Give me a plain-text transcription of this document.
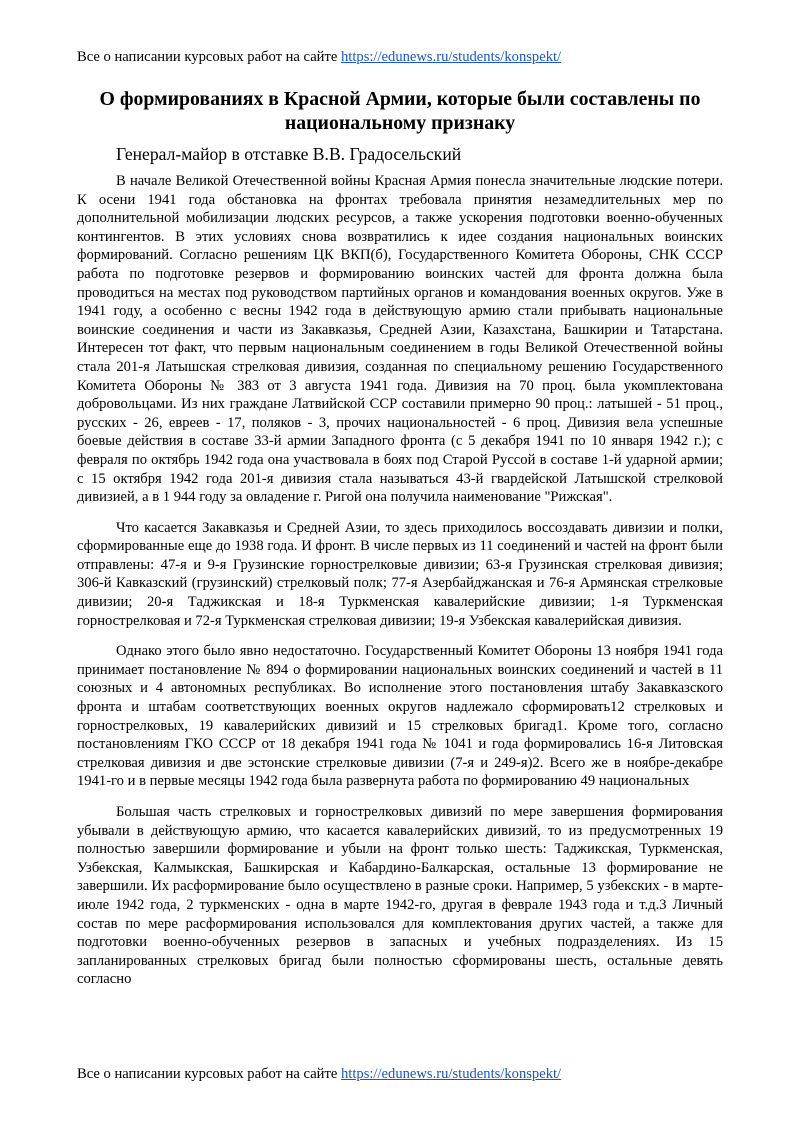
Все о написании курсовых работ на сайте https://edunews.ru/students/konspekt/
О формированиях в Красной Армии, которые были составлены по национальному признаку
Генерал-майор в отставке В.В. Градосельский

В начале Великой Отечественной войны Красная Армия понесла значительные людские потери. К осени 1941 года обстановка на фронтах требовала принятия незамедлительных мер по дополнительной мобилизации людских ресурсов, а также ускорения подготовки военно-обученных контингентов. В этих условиях снова возвратились к идее создания национальных воинских формирований. Согласно решениям ЦК ВКП(б), Государственного Комитета Обороны, СНК СССР работа по подготовке резервов и формированию воинских частей для фронта должна была проводиться на местах под руководством партийных органов и командования военных округов. Уже в 1941 году, а особенно с весны 1942 года в действующую армию стали прибывать национальные воинские соединения и части из Закавказья, Средней Азии, Казахстана, Башкирии и Татарстана. Интересен тот факт, что первым национальным соединением в годы Великой Отечественной войны стала 201-я Латышская стрелковая дивизия, созданная по специальному решению Государственного Комитета Обороны № 383 от 3 августа 1941 года. Дивизия на 70 проц. была укомплектована добровольцами. Из них граждане Латвийской ССР составили примерно 90 проц.: латышей - 51 проц., русских - 26, евреев - 17, поляков - 3, прочих национальностей - 6 проц. Дивизия вела успешные боевые действия в составе 33-й армии Западного фронта (с 5 декабря 1941 по 10 января 1942 г.); с февраля по октябрь 1942 года она участвовала в боях под Старой Руссой в составе 1-й ударной армии; с 15 октября 1942 года 201-я дивизия стала называться 43-й гвардейской Латышской стрелковой дивизией, а в 1 944 году за овладение г. Ригой она получила наименование "Рижская".

Что касается Закавказья и Средней Азии, то здесь приходилось воссоздавать дивизии и полки, сформированные еще до 1938 года. И фронт. В числе первых из 11 соединений и частей на фронт были отправлены: 47-я и 9-я Грузинские горнострелковые дивизии; 63-я Грузинская стрелковая дивизия; 306-й Кавказский (грузинский) стрелковый полк; 77-я Азербайджанская и 76-я Армянская стрелковые дивизии; 20-я Таджикская и 18-я Туркменская кавалерийские дивизии; 1-я Туркменская горнострелковая и 72-я Туркменская стрелковая дивизии; 19-я Узбекская кавалерийская дивизия.

Однако этого было явно недостаточно. Государственный Комитет Обороны 13 ноября 1941 года принимает постановление № 894 о формировании национальных воинских соединений и частей в 11 союзных и 4 автономных республиках. Во исполнение этого постановления штабу Закавказского фронта и штабам соответствующих военных округов надлежало сформировать12 стрелковых и горнострелковых, 19 кавалерийских дивизий и 15 стрелковых бригад1. Кроме того, согласно постановлениям ГКО СССР от 18 декабря 1941 года № 1041 и года формировались 16-я Литовская стрелковая дивизия и две эстонские стрелковые дивизии (7-я и 249-я)2. Всего же в ноябре-декабре 1941-го и в первые месяцы 1942 года была развернута работа по формированию 49 национальных

Большая часть стрелковых и горнострелковых дивизий по мере завершения формирования убывали в действующую армию, что касается кавалерийских дивизий, то из предусмотренных 19 полностью завершили формирование и убыли на фронт только шесть: Таджикская, Туркменская, Узбекская, Калмыкская, Башкирская и Кабардино-Балкарская, остальные 13 формирование не завершили. Их расформирование было осуществлено в разные сроки. Например, 5 узбекских - в марте-июле 1942 года, 2 туркменских - одна в марте 1942-го, другая в феврале 1943 года и т.д.3 Личный состав по мере расформирования использовался для комплектования других частей, а также для подготовки военно-обученных резервов в запасных и учебных подразделениях. Из 15 запланированных стрелковых бригад были полностью сформированы шесть, остальные девять согласно

Все о написании курсовых работ на сайте https://edunews.ru/students/konspekt/
